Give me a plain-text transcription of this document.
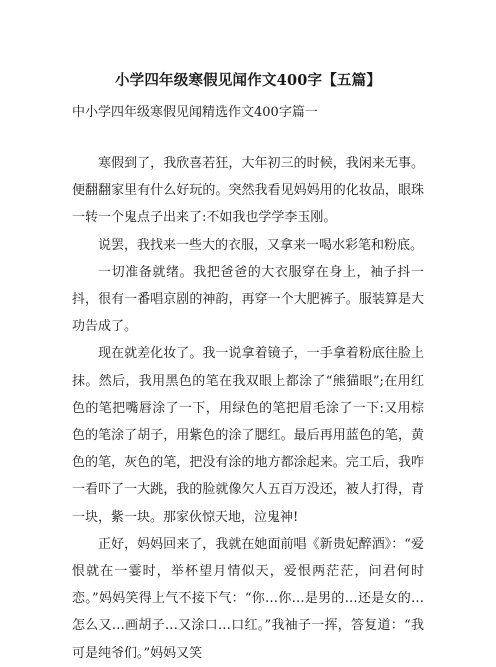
小学四年级寒假见闻作文400字【五篇】
中小学四年级寒假见闻精选作文400字篇一

寒假到了，我欣喜若狂，大年初三的时候，我闲来无事。便翻翻家里有什么好玩的。突然我看见妈妈用的化妆品，眼珠一转一个鬼点子出来了:不如我也学学李玉刚。

说罢，我找来一些大的衣服，又拿来一喝水彩笔和粉底。

一切准备就绪。我把爸爸的大衣服穿在身上，袖子抖一抖，很有一番唱京剧的神韵，再穿一个大肥裤子。服装算是大功告成了。

现在就差化妆了。我一说拿着镜子，一手拿着粉底往脸上抹。然后，我用黑色的笔在我双眼上都涂了“熊猫眼”;在用红色的笔把嘴唇涂了一下，用绿色的笔把眉毛涂了一下:又用棕色的笔涂了胡子，用紫色的涂了腮红。最后再用蓝色的笔，黄色的笔，灰色的笔，把没有涂的地方都涂起来。完工后，我咋一看吓了一大跳，我的脸就像欠人五百万没还，被人打得，青一块，紫一块。那家伙惊天地，泣鬼神!

正好，妈妈回来了，我就在她面前唱《新贵妃醉酒》：“爱恨就在一霎时，举杯望月情似天，爱恨两茫茫，问君何时恋。”妈妈笑得上气不接下气：“你…你…是男的…还是女的…怎么又…画胡子…又涂口…口红。”我袖子一挥，答复道：“我可是纯爷们。”妈妈又笑
